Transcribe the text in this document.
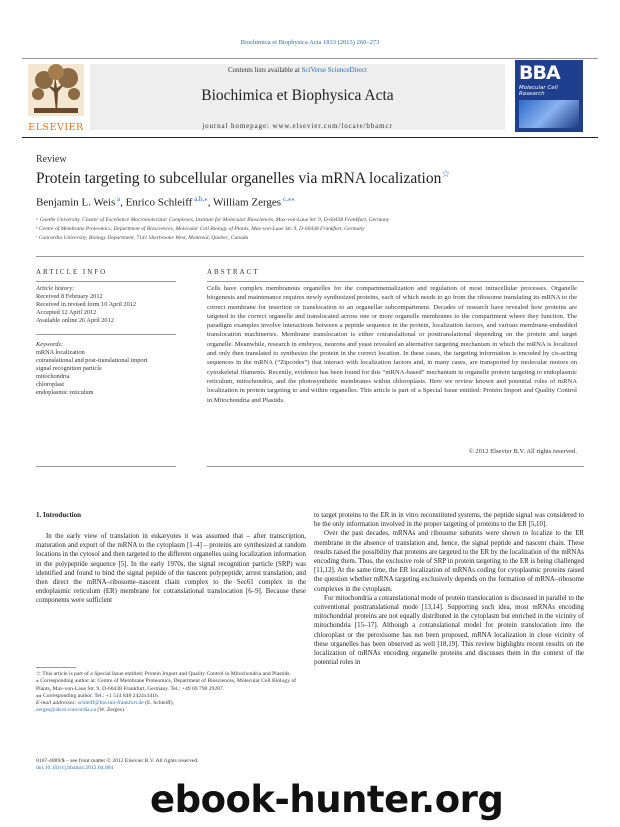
Biochimica et Biophysica Acta 1833 (2013) 260–273
ELSEVIER
Contents lists available at SciVerse ScienceDirect
Biochimica et Biophysica Acta
journal homepage: www.elsevier.com/locate/bbamcr
BBA
Molecular Cell Research
Review
Protein targeting to subcellular organelles via mRNA localization☆
Benjamin L. Weis $^a$, Enrico Schleiff $^{a,b,⁎}$, William Zerges $^{c,⁎⁎}$
ᵃ Goethe University, Cluster of Excellence Macromolecular Complexes, Institute for Molecular Biosciences, Max-von-Laue Str. 9, D-60438 Frankfurt, Germany
ᵇ Centre of Membrane Proteomics, Department of Biosciences, Molecular Cell Biology of Plants, Max-von-Laue Str. 9, D-60438 Frankfurt, Germany
ᶜ Concordia University, Biology Department, 7141 Sherbrooke West, Montreal, Quebec, Canada
ARTICLE INFO
Article history:
Received 8 February 2012
Received in revised form 10 April 2012
Accepted 12 April 2012
Available online 26 April 2012
Keywords:
mRNA localization
cotranslational and post-translational import
signal recognition particle
mitochondria
chloroplast
endoplasmic reticulum
ABSTRACT
Cells have complex membranous organelles for the compartmentalization and regulation of most intracellular processes. Organelle biogenesis and maintenance requires newly synthesized proteins, each of which needs to go from the ribosome translating its mRNA to the correct membrane for insertion or translocation to an organellar subcompartment. Decades of research have revealed how proteins are targeted to the correct organelle and translocated across one or more organelle membranes to the compartment where they function. The paradigm examples involve interactions between a peptide sequence in the protein, localization factors, and various membrane-embedded translocation machineries. Membrane translocation is either cotranslational or posttranslational depending on the protein and target organelle. Meanwhile, research in embryos, neurons and yeast revealed an alternative targeting mechanism in which the mRNA is localized and only then translated to synthesize the protein in the correct location. In these cases, the targeting information is encoded by cis-acting sequences in the mRNA (“Zipcodes”) that interact with localization factors and, in many cases, are transported by molecular motors on cytoskeletal filaments. Recently, evidence has been found for this “mRNA-based” mechanism in organelle protein targeting to endoplasmic reticulum, mitochondria, and the photosynthetic membranes within chloroplasts. Here we review known and potential roles of mRNA localization in protein targeting to and within organelles. This article is part of a Special Issue entitled: Protein Import and Quality Control in Mitochondria and Plastids.
© 2012 Elsevier B.V. All rights reserved.
1. Introduction

In the early view of translation in eukaryotes it was assumed that – after transcription, maturation and export of the mRNA to the cytoplasm [1–4] – proteins are synthesized at random locations in the cytosol and then targeted to the different organelles using localization information in the polypeptide sequence [5]. In the early 1970s, the signal recognition particle (SRP) was identified and found to bind the signal peptide of the nascent polypeptide, arrest translation, and then direct the mRNA–ribosome–nascent chain complex to the Sec61 complex in the endoplasmic reticulum (ER) membrane for cotranslational translocation [6–9]. Because these components were sufficient

to target proteins to the ER in in vitro reconstituted systems, the peptide signal was considered to be the only information involved in the proper targeting of proteins to the ER [5,10].

Over the past decades, mRNAs and ribosome subunits were shown to localize to the ER membrane in the absence of translation and, hence, the signal peptide and nascent chain. These results raised the possibility that proteins are targeted to the ER by the localization of the mRNAs encoding them. Thus, the exclusive role of SRP in protein targeting to the ER is being challenged [11,12]. At the same time, the ER localization of mRNAs coding for cytoplasmic proteins raised the question whether mRNA targeting exclusively depends on the formation of mRNA–ribosome complexes in the cytoplasm.

For mitochondria a cotranslational mode of protein translocation is discussed in parallel to the conventional posttranslational mode [13,14]. Supporting such idea, most mRNAs encoding mitochondrial proteins are not equally distributed in the cytoplasm but enriched in the vicinity of mitochondria [15–17]. Although a cotranslational model for protein translocation into the chloroplast or the peroxisome has not been proposed, mRNA localization in close vicinity of these organelles has been observed as well [18,19]. This review highlights recent results on the localization of mRNAs encoding organelle proteins and discusses them in the context of the potential roles in

☆ This article is part of a Special Issue entitled: Protein Import and Quality Control in Mitochondria and Plastids.
⁎ Corresponding author at: Centre of Membrane Proteomics, Department of Biosciences, Molecular Cell Biology of Plants, Max-von-Laue Str. 9, D-60438 Frankfurt, Germany. Tel.: +49 69 798 29287.
⁎⁎ Corresponding author. Tel.: +1 514 848 2424x3416.
E-mail addresses: schleiff@bio.uni-frankfurt.de (E. Schleiff),
zerges@alcor.concordia.ca (W. Zerges).
0167-4889/$ – see front matter © 2012 Elsevier B.V. All rights reserved.
doi:10.1016/j.bbamcr.2012.04.004
ebook-hunter.org
